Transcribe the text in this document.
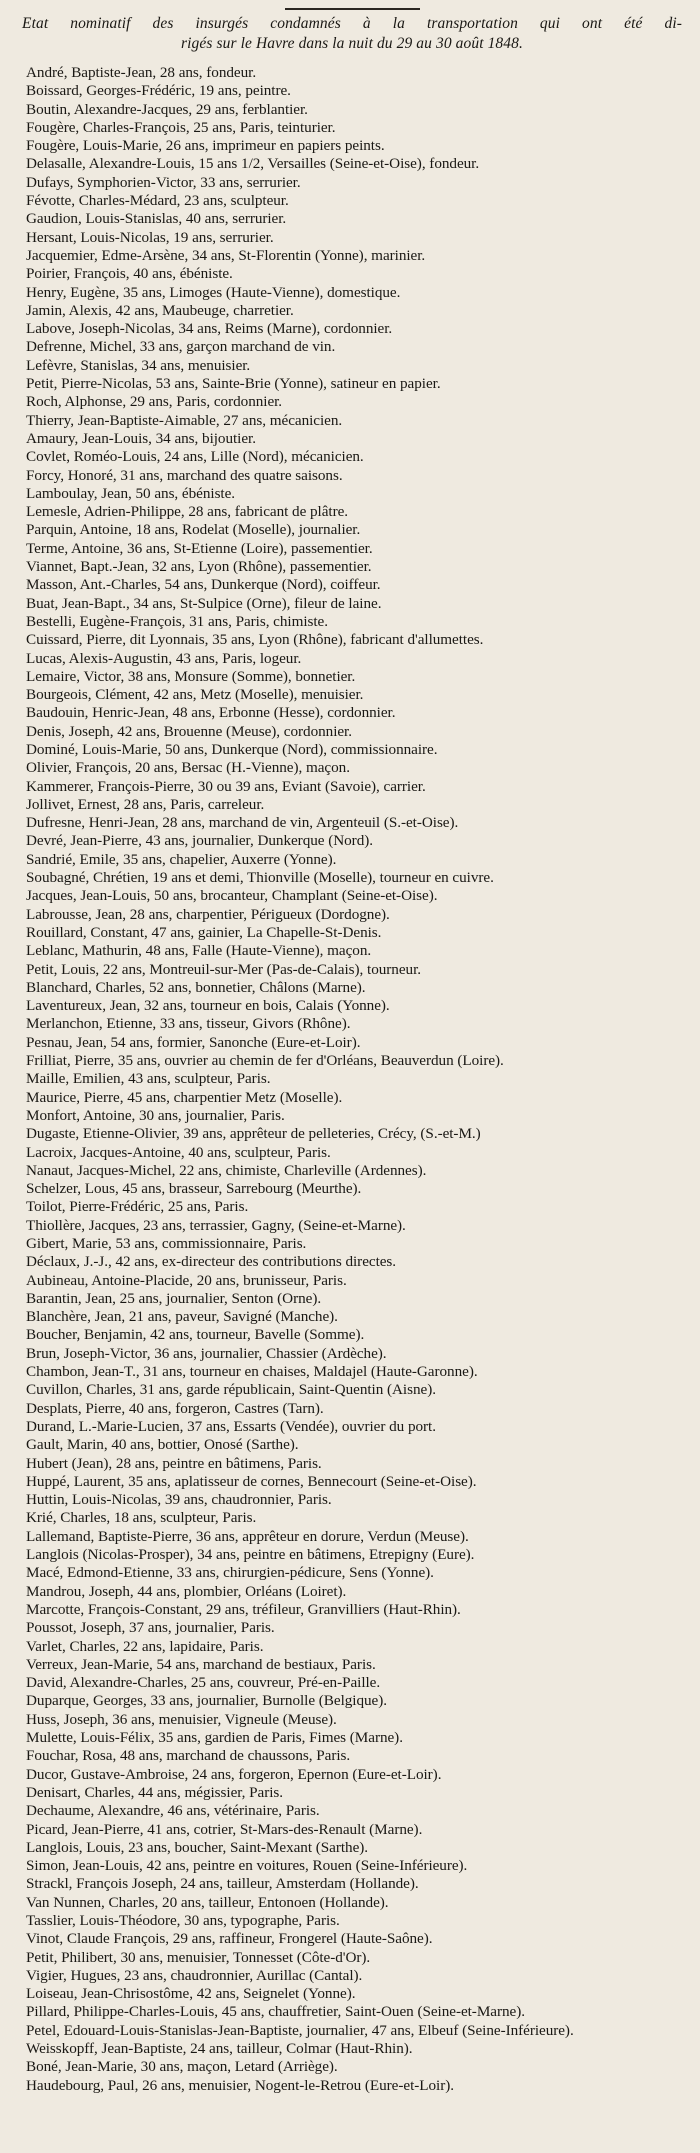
Etat nominatif des insurgés condamnés à la transportation qui ont été di-
rigés sur le Havre dans la nuit du 29 au 30 août 1848.

André, Baptiste-Jean, 28 ans, fondeur.

Boissard, Georges-Frédéric, 19 ans, peintre.

Boutin, Alexandre-Jacques, 29 ans, ferblantier.

Fougère, Charles-François, 25 ans, Paris, teinturier.

Fougère, Louis-Marie, 26 ans, imprimeur en papiers peints.

Delasalle, Alexandre-Louis, 15 ans 1/2, Versailles (Seine-et-Oise), fondeur.

Dufays, Symphorien-Victor, 33 ans, serrurier.

Févotte, Charles-Médard, 23 ans, sculpteur.

Gaudion, Louis-Stanislas, 40 ans, serrurier.

Hersant, Louis-Nicolas, 19 ans, serrurier.

Jacquemier, Edme-Arsène, 34 ans, St-Florentin (Yonne), marinier.

Poirier, François, 40 ans, ébéniste.

Henry, Eugène, 35 ans, Limoges (Haute-Vienne), domestique.

Jamin, Alexis, 42 ans, Maubeuge, charretier.

Labove, Joseph-Nicolas, 34 ans, Reims (Marne), cordonnier.

Defrenne, Michel, 33 ans, garçon marchand de vin.

Lefèvre, Stanislas, 34 ans, menuisier.

Petit, Pierre-Nicolas, 53 ans, Sainte-Brie (Yonne), satineur en papier.

Roch, Alphonse, 29 ans, Paris, cordonnier.

Thierry, Jean-Baptiste-Aimable, 27 ans, mécanicien.

Amaury, Jean-Louis, 34 ans, bijoutier.

Covlet, Roméo-Louis, 24 ans, Lille (Nord), mécanicien.

Forcy, Honoré, 31 ans, marchand des quatre saisons.

Lamboulay, Jean, 50 ans, ébéniste.

Lemesle, Adrien-Philippe, 28 ans, fabricant de plâtre.

Parquin, Antoine, 18 ans, Rodelat (Moselle), journalier.

Terme, Antoine, 36 ans, St-Etienne (Loire), passementier.

Viannet, Bapt.-Jean, 32 ans, Lyon (Rhône), passementier.

Masson, Ant.-Charles, 54 ans, Dunkerque (Nord), coiffeur.

Buat, Jean-Bapt., 34 ans, St-Sulpice (Orne), fileur de laine.

Bestelli, Eugène-François, 31 ans, Paris, chimiste.

Cuissard, Pierre, dit Lyonnais, 35 ans, Lyon (Rhône), fabricant d'allumettes.

Lucas, Alexis-Augustin, 43 ans, Paris, logeur.

Lemaire, Victor, 38 ans, Monsure (Somme), bonnetier.

Bourgeois, Clément, 42 ans, Metz (Moselle), menuisier.

Baudouin, Henric-Jean, 48 ans, Erbonne (Hesse), cordonnier.

Denis, Joseph, 42 ans, Brouenne (Meuse), cordonnier.

Dominé, Louis-Marie, 50 ans, Dunkerque (Nord), commissionnaire.

Olivier, François, 20 ans, Bersac (H.-Vienne), maçon.

Kammerer, François-Pierre, 30 ou 39 ans, Eviant (Savoie), carrier.

Jollivet, Ernest, 28 ans, Paris, carreleur.

Dufresne, Henri-Jean, 28 ans, marchand de vin, Argenteuil (S.-et-Oise).

Devré, Jean-Pierre, 43 ans, journalier, Dunkerque (Nord).

Sandrié, Emile, 35 ans, chapelier, Auxerre (Yonne).

Soubagné, Chrétien, 19 ans et demi, Thionville (Moselle), tourneur en cuivre.

Jacques, Jean-Louis, 50 ans, brocanteur, Champlant (Seine-et-Oise).

Labrousse, Jean, 28 ans, charpentier, Périgueux (Dordogne).

Rouillard, Constant, 47 ans, gainier, La Chapelle-St-Denis.

Leblanc, Mathurin, 48 ans, Falle (Haute-Vienne), maçon.

Petit, Louis, 22 ans, Montreuil-sur-Mer (Pas-de-Calais), tourneur.

Blanchard, Charles, 52 ans, bonnetier, Châlons (Marne).

Laventureux, Jean, 32 ans, tourneur en bois, Calais (Yonne).

Merlanchon, Etienne, 33 ans, tisseur, Givors (Rhône).

Pesnau, Jean, 54 ans, formier, Sanonche (Eure-et-Loir).

Frilliat, Pierre, 35 ans, ouvrier au chemin de fer d'Orléans, Beauverdun (Loire).

Maille, Emilien, 43 ans, sculpteur, Paris.

Maurice, Pierre, 45 ans, charpentier Metz (Moselle).

Monfort, Antoine, 30 ans, journalier, Paris.

Dugaste, Etienne-Olivier, 39 ans, apprêteur de pelleteries, Crécy, (S.-et-M.)

Lacroix, Jacques-Antoine, 40 ans, sculpteur, Paris.

Nanaut, Jacques-Michel, 22 ans, chimiste, Charleville (Ardennes).

Schelzer, Lous, 45 ans, brasseur, Sarrebourg (Meurthe).

Toilot, Pierre-Frédéric, 25 ans, Paris.

Thiollère, Jacques, 23 ans, terrassier, Gagny, (Seine-et-Marne).

Gibert, Marie, 53 ans, commissionnaire, Paris.

Déclaux, J.-J., 42 ans, ex-directeur des contributions directes.

Aubineau, Antoine-Placide, 20 ans, brunisseur, Paris.

Barantin, Jean, 25 ans, journalier, Senton (Orne).

Blanchère, Jean, 21 ans, paveur, Savigné (Manche).

Boucher, Benjamin, 42 ans, tourneur, Bavelle (Somme).

Brun, Joseph-Victor, 36 ans, journalier, Chassier (Ardèche).

Chambon, Jean-T., 31 ans, tourneur en chaises, Maldajel (Haute-Garonne).

Cuvillon, Charles, 31 ans, garde républicain, Saint-Quentin (Aisne).

Desplats, Pierre, 40 ans, forgeron, Castres (Tarn).

Durand, L.-Marie-Lucien, 37 ans, Essarts (Vendée), ouvrier du port.

Gault, Marin, 40 ans, bottier, Onosé (Sarthe).

Hubert (Jean), 28 ans, peintre en bâtimens, Paris.

Huppé, Laurent, 35 ans, aplatisseur de cornes, Bennecourt (Seine-et-Oise).

Huttin, Louis-Nicolas, 39 ans, chaudronnier, Paris.

Krié, Charles, 18 ans, sculpteur, Paris.

Lallemand, Baptiste-Pierre, 36 ans, apprêteur en dorure, Verdun (Meuse).

Langlois (Nicolas-Prosper), 34 ans, peintre en bâtimens, Etrepigny (Eure).

Macé, Edmond-Etienne, 33 ans, chirurgien-pédicure, Sens (Yonne).

Mandrou, Joseph, 44 ans, plombier, Orléans (Loiret).

Marcotte, François-Constant, 29 ans, tréfileur, Granvilliers (Haut-Rhin).

Poussot, Joseph, 37 ans, journalier, Paris.

Varlet, Charles, 22 ans, lapidaire, Paris.

Verreux, Jean-Marie, 54 ans, marchand de bestiaux, Paris.

David, Alexandre-Charles, 25 ans, couvreur, Pré-en-Paille.

Duparque, Georges, 33 ans, journalier, Burnolle (Belgique).

Huss, Joseph, 36 ans, menuisier, Vigneule (Meuse).

Mulette, Louis-Félix, 35 ans, gardien de Paris, Fimes (Marne).

Fouchar, Rosa, 48 ans, marchand de chaussons, Paris.

Ducor, Gustave-Ambroise, 24 ans, forgeron, Epernon (Eure-et-Loir).

Denisart, Charles, 44 ans, mégissier, Paris.

Dechaume, Alexandre, 46 ans, vétérinaire, Paris.

Picard, Jean-Pierre, 41 ans, cotrier, St-Mars-des-Renault (Marne).

Langlois, Louis, 23 ans, boucher, Saint-Mexant (Sarthe).

Simon, Jean-Louis, 42 ans, peintre en voitures, Rouen (Seine-Inférieure).

Strackl, François Joseph, 24 ans, tailleur, Amsterdam (Hollande).

Van Nunnen, Charles, 20 ans, tailleur, Entonoen (Hollande).

Tasslier, Louis-Théodore, 30 ans, typographe, Paris.

Vinot, Claude François, 29 ans, raffineur, Frongerel (Haute-Saône).

Petit, Philibert, 30 ans, menuisier, Tonnesset (Côte-d'Or).

Vigier, Hugues, 23 ans, chaudronnier, Aurillac (Cantal).

Loiseau, Jean-Chrisostôme, 42 ans, Seignelet (Yonne).

Pillard, Philippe-Charles-Louis, 45 ans, chauffretier, Saint-Ouen (Seine-et-Marne).

Petel, Edouard-Louis-Stanislas-Jean-Baptiste, journalier, 47 ans, Elbeuf (Seine-Inférieure).

Weisskopff, Jean-Baptiste, 24 ans, tailleur, Colmar (Haut-Rhin).

Boné, Jean-Marie, 30 ans, maçon, Letard (Arriège).

Haudebourg, Paul, 26 ans, menuisier, Nogent-le-Retrou (Eure-et-Loir).
